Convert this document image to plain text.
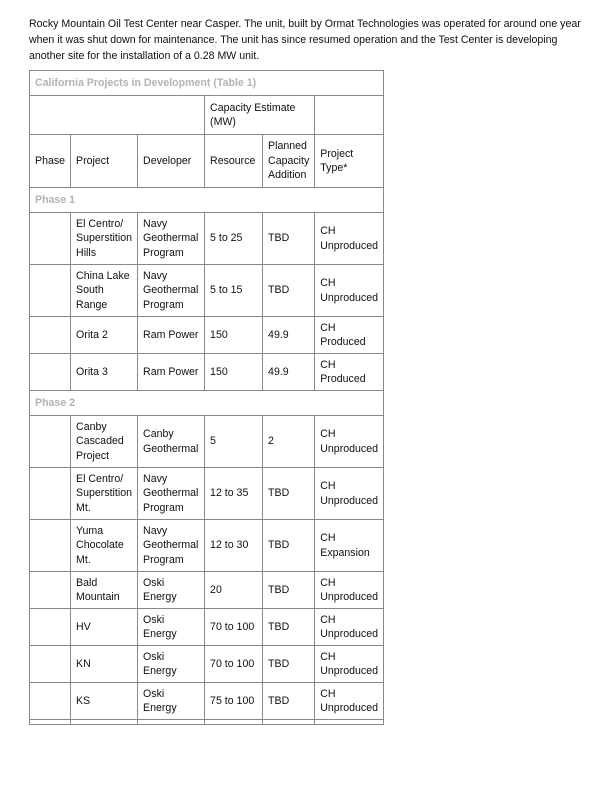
Rocky Mountain Oil Test Center near Casper. The unit, built by Ormat Technologies was operated for around one year when it was shut down for maintenance. The unit has since resumed operation and the Test Center is developing another site for the installation of a 0.28 MW unit.

California Projects in Development (Table 1)					
			Capacity Estimate (MW)		
Phase	Project	Developer	Resource	Planned Capacity Addition	Project Type*
Phase 1					
	El Centro/ Superstition Hills	Navy Geothermal Program	5 to 25	TBD	CH Unproduced
	China Lake South Range	Navy Geothermal Program	5 to 15	TBD	CH Unproduced
	Orita 2	Ram Power	150	49.9	CH Produced
	Orita 3	Ram Power	150	49.9	CH Produced
Phase 2					
	Canby Cascaded Project	Canby Geothermal	5	2	CH Unproduced
	El Centro/ Superstition Mt.	Navy Geothermal Program	12 to 35	TBD	CH Unproduced
	Yuma Chocolate Mt.	Navy Geothermal Program	12 to 30	TBD	CH Expansion
	Bald Mountain	Oski Energy	20	TBD	CH Unproduced
	HV	Oski Energy	70 to 100	TBD	CH Unproduced
	KN	Oski Energy	70 to 100	TBD	CH Unproduced
	KS	Oski Energy	75 to 100	TBD	CH Unproduced
